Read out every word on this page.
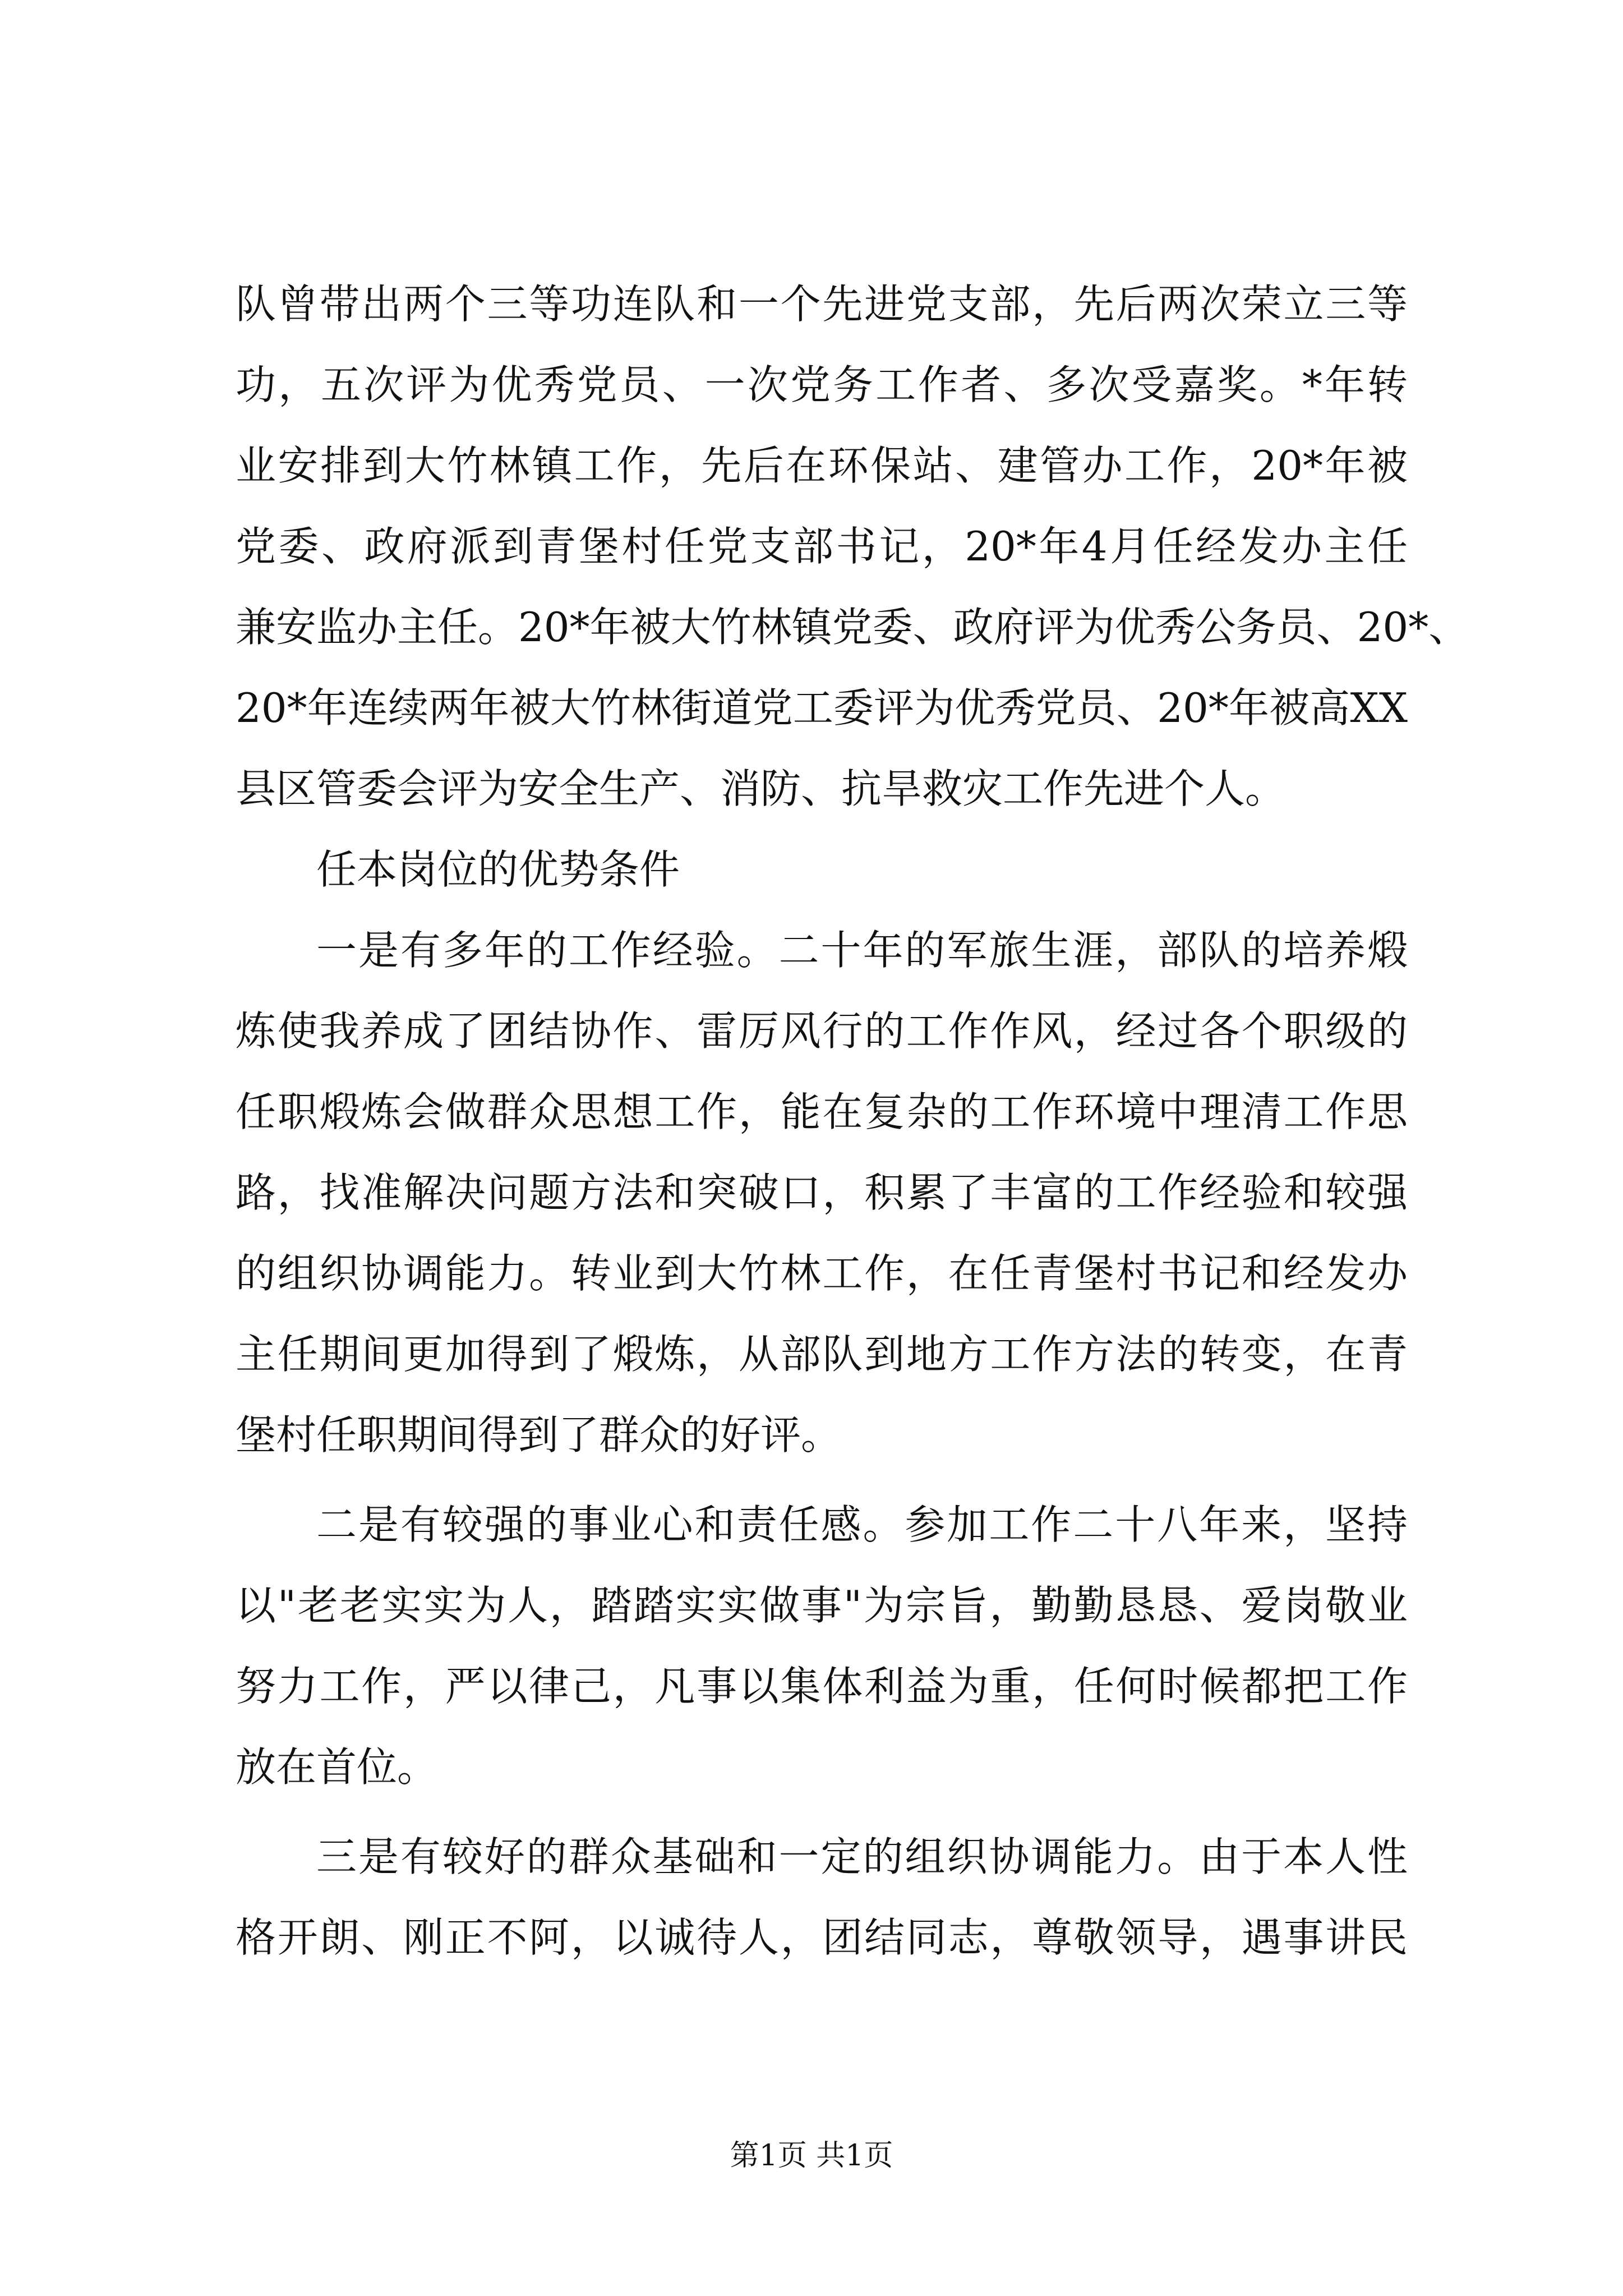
队曾带出两个三等功连队和一个先进党支部，先后两次荣立三等
功，五次评为优秀党员、一次党务工作者、多次受嘉奖。*年转
业安排到大竹林镇工作，先后在环保站、建管办工作，20*年被
党委、政府派到青堡村任党支部书记，20*年4月任经发办主任
兼安监办主任。20*年被大竹林镇党委、政府评为优秀公务员、20*、
20*年连续两年被大竹林街道党工委评为优秀党员、20*年被高XX
县区管委会评为安全生产、消防、抗旱救灾工作先进个人。
任本岗位的优势条件
一是有多年的工作经验。二十年的军旅生涯，部队的培养煅
炼使我养成了团结协作、雷厉风行的工作作风，经过各个职级的
任职煅炼会做群众思想工作，能在复杂的工作环境中理清工作思
路，找准解决问题方法和突破口，积累了丰富的工作经验和较强
的组织协调能力。转业到大竹林工作，在任青堡村书记和经发办
主任期间更加得到了煅炼，从部队到地方工作方法的转变，在青
堡村任职期间得到了群众的好评。
二是有较强的事业心和责任感。参加工作二十八年来，坚持
以"老老实实为人，踏踏实实做事"为宗旨，勤勤恳恳、爱岗敬业
努力工作，严以律己，凡事以集体利益为重，任何时候都把工作
放在首位。
三是有较好的群众基础和一定的组织协调能力。由于本人性
格开朗、刚正不阿，以诚待人，团结同志，尊敬领导，遇事讲民
第1页 共1页
